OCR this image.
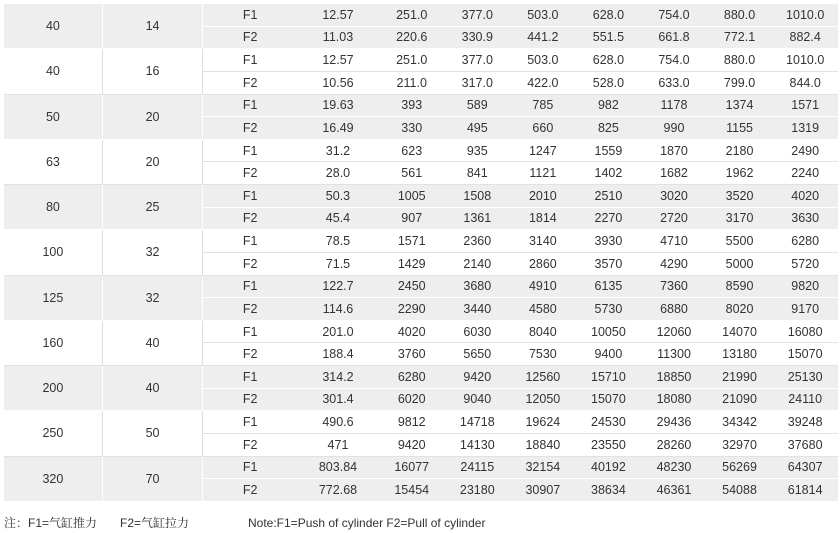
40	14	F1	12.57	251.0	377.0	503.0	628.0	754.0	880.0	1010.0
		F2	11.03	220.6	330.9	441.2	551.5	661.8	772.1	882.4
40	16	F1	12.57	251.0	377.0	503.0	628.0	754.0	880.0	1010.0
		F2	10.56	211.0	317.0	422.0	528.0	633.0	799.0	844.0
50	20	F1	19.63	393	589	785	982	1178	1374	1571
		F2	16.49	330	495	660	825	990	1155	1319
63	20	F1	31.2	623	935	1247	1559	1870	2180	2490
		F2	28.0	561	841	1121	1402	1682	1962	2240
80	25	F1	50.3	1005	1508	2010	2510	3020	3520	4020
		F2	45.4	907	1361	1814	2270	2720	3170	3630
100	32	F1	78.5	1571	2360	3140	3930	4710	5500	6280
		F2	71.5	1429	2140	2860	3570	4290	5000	5720
125	32	F1	122.7	2450	3680	4910	6135	7360	8590	9820
		F2	114.6	2290	3440	4580	5730	6880	8020	9170
160	40	F1	201.0	4020	6030	8040	10050	12060	14070	16080
		F2	188.4	3760	5650	7530	9400	11300	13180	15070
200	40	F1	314.2	6280	9420	12560	15710	18850	21990	25130
		F2	301.4	6020	9040	12050	15070	18080	21090	24110
250	50	F1	490.6	9812	14718	19624	24530	29436	34342	39248
		F2	471	9420	14130	18840	23550	28260	32970	37680
320	70	F1	803.84	16077	24115	32154	40192	48230	56269	64307
		F2	772.68	15454	23180	30907	38634	46361	54088	61814
注：F1=气缸推力 F2=气缸拉力	Note:F1=Push of cylinder F2=Pull of cylinder
